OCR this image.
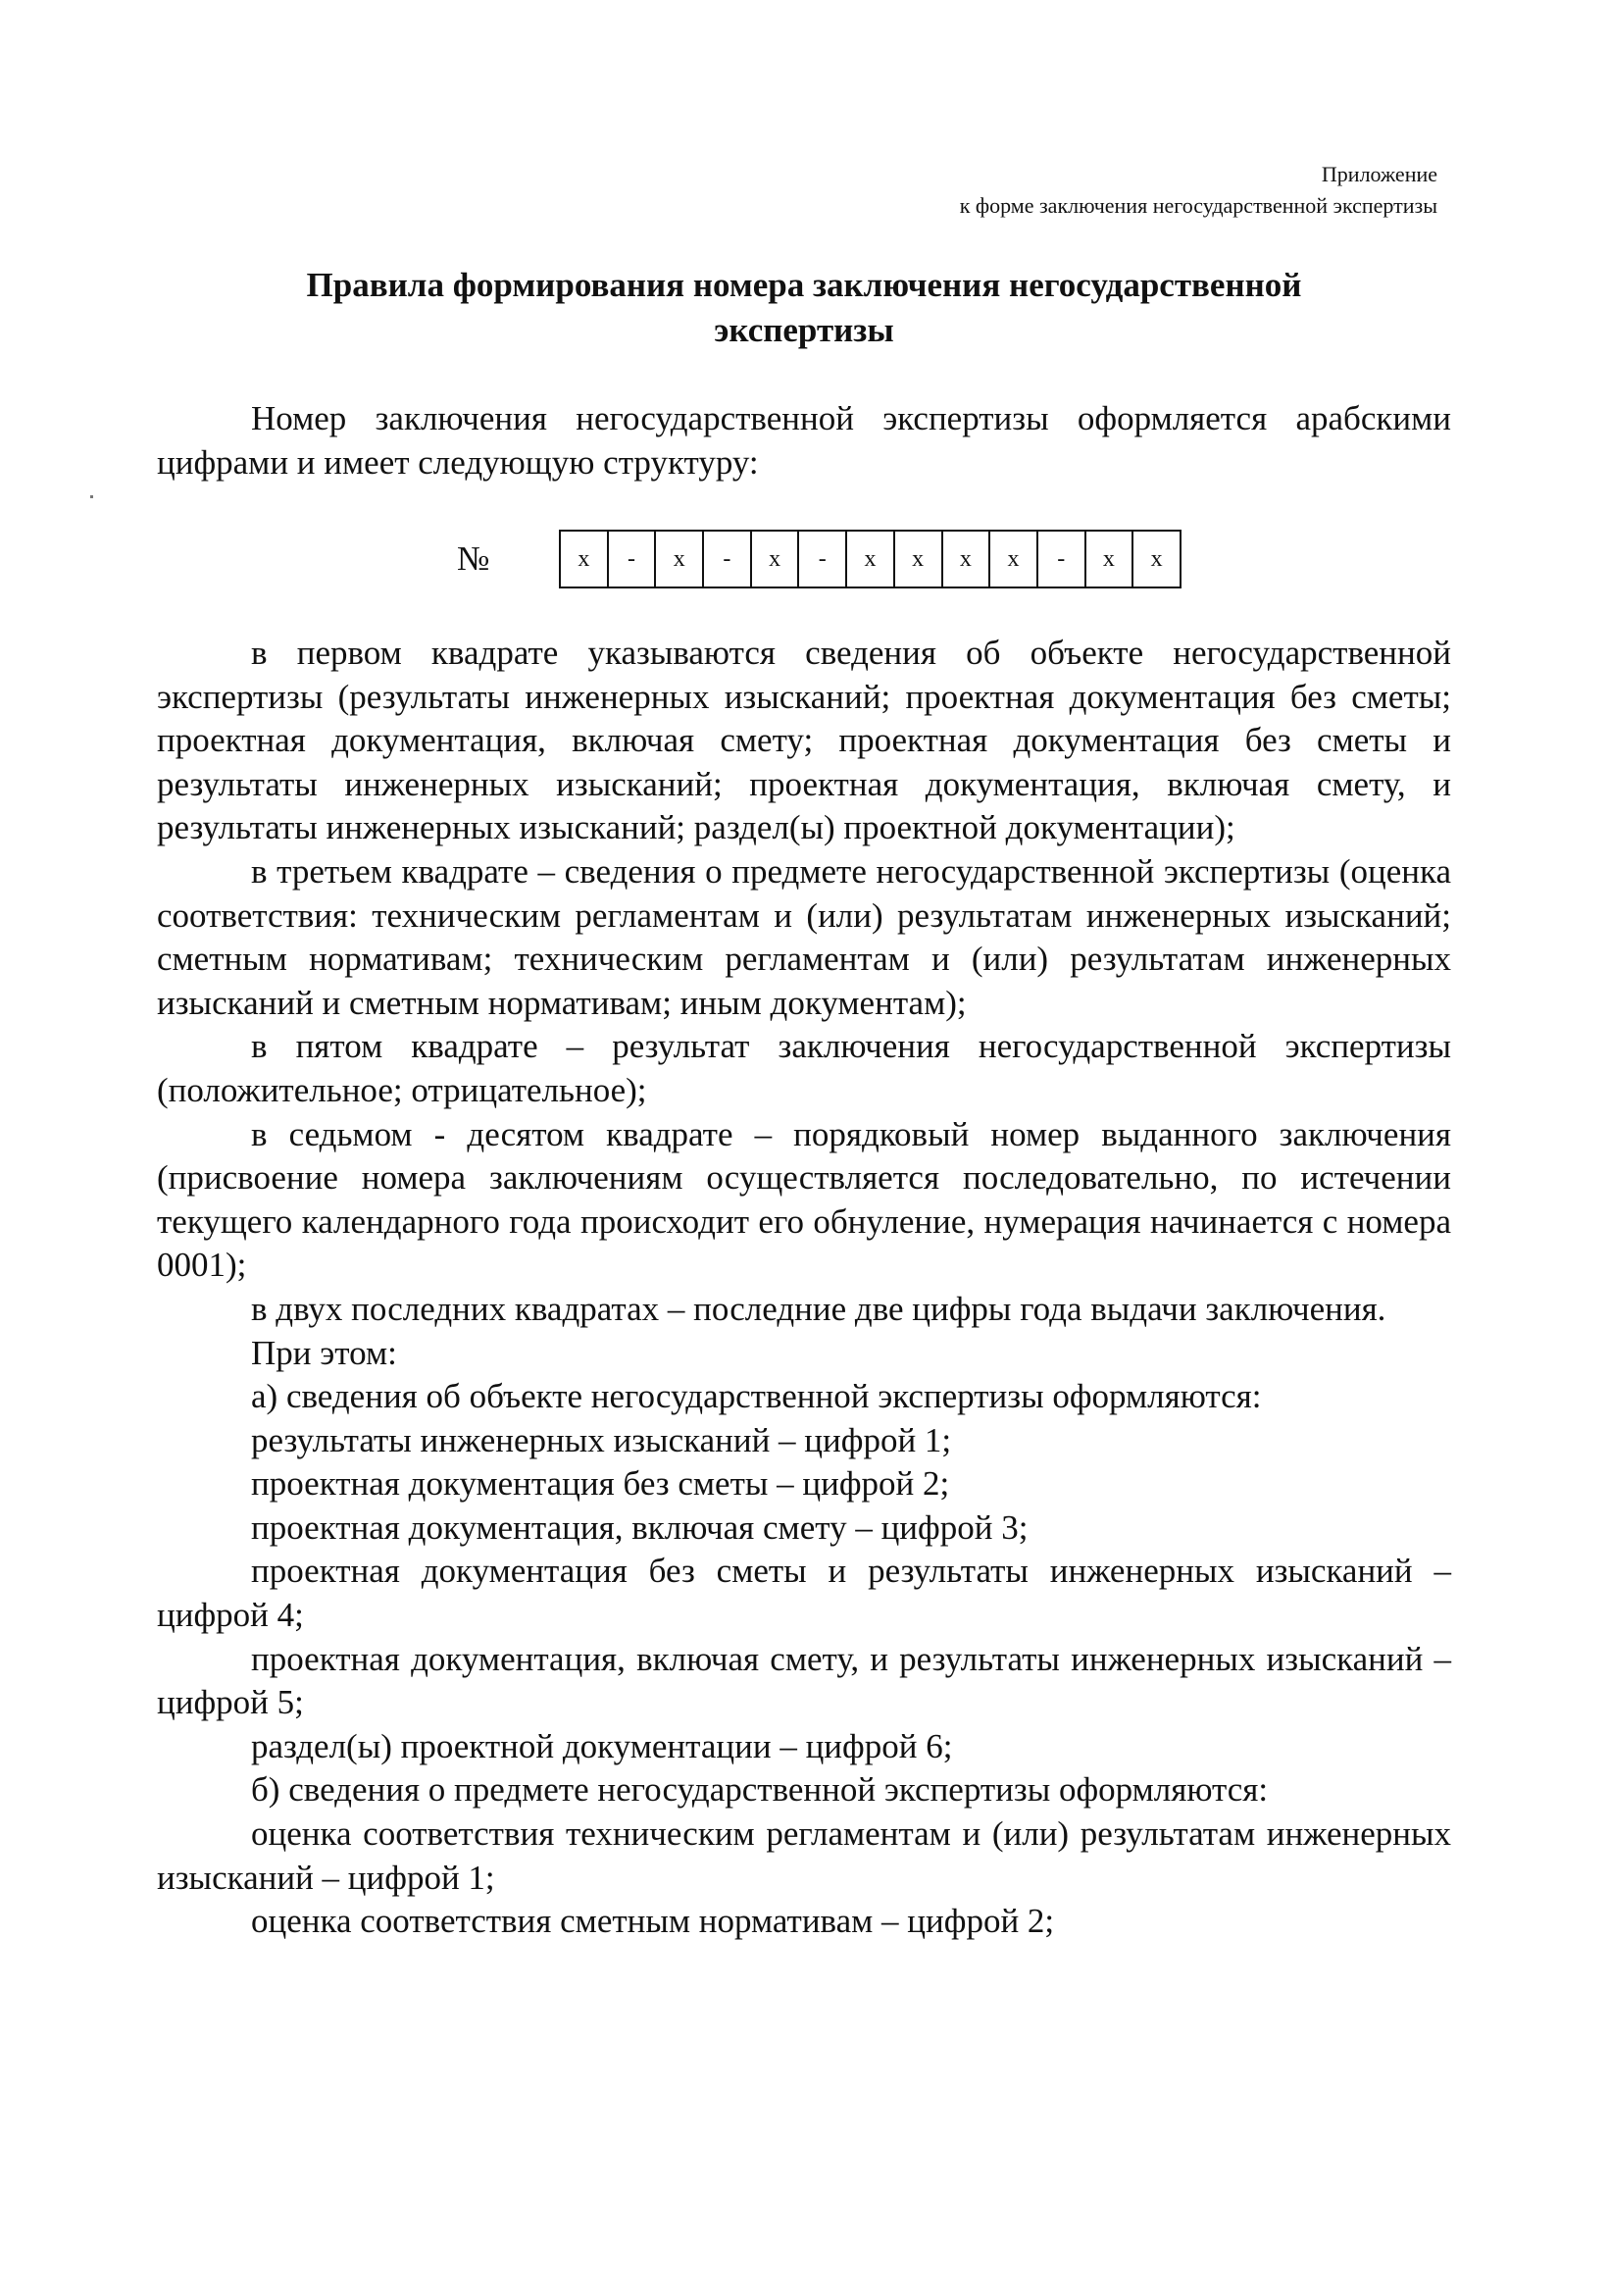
Приложение
к форме заключения негосударственной экспертизы
Правила формирования номера заключения негосударственной
экспертизы

Номер заключения негосударственной экспертизы оформляется арабскими цифрами и имеет следующую структуру:

№	х	-	х	-	х	-	х	х	х	х	-	х	х

в первом квадрате указываются сведения об объекте негосударственной экспертизы (результаты инженерных изысканий; проектная документация без сметы; проектная документация, включая смету; проектная документация без сметы и результаты инженерных изысканий; проектная документация, включая смету, и результаты инженерных изысканий; раздел(ы) проектной документации);

в третьем квадрате – сведения о предмете негосударственной экспертизы (оценка соответствия: техническим регламентам и (или) результатам инженерных изысканий; сметным нормативам; техническим регламентам и (или) результатам инженерных изысканий и сметным нормативам; иным документам);

в пятом квадрате – результат заключения негосударственной экспертизы (положительное; отрицательное);

в седьмом - десятом квадрате – порядковый номер выданного заключения (присвоение номера заключениям осуществляется последовательно, по истечении текущего календарного года происходит его обнуление, нумерация начинается с номера 0001);

в двух последних квадратах – последние две цифры года выдачи заключения.

При этом:

а) сведения об объекте негосударственной экспертизы оформляются:

результаты инженерных изысканий – цифрой 1;

проектная документация без сметы – цифрой 2;

проектная документация, включая смету – цифрой 3;

проектная документация без сметы и результаты инженерных изысканий – цифрой 4;

проектная документация, включая смету, и результаты инженерных изысканий – цифрой 5;

раздел(ы) проектной документации – цифрой 6;

б) сведения о предмете негосударственной экспертизы оформляются:

оценка соответствия техническим регламентам и (или) результатам инженерных изысканий – цифрой 1;

оценка соответствия сметным нормативам – цифрой 2;
